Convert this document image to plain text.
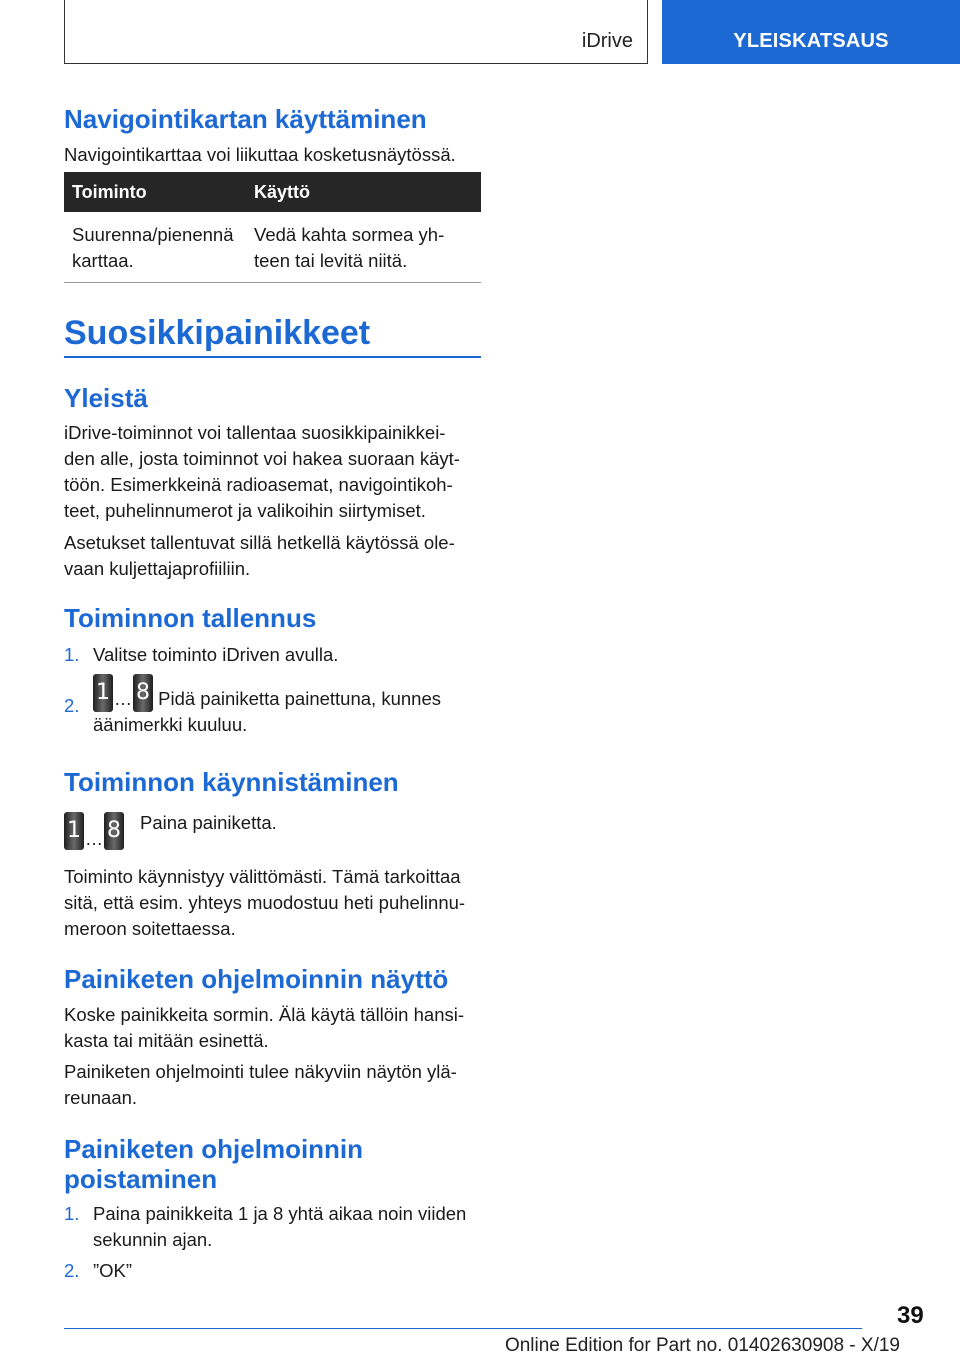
iDrive	YLEISKATSAUS
Navigointikartan käyttäminen

Navigointikarttaa voi liikuttaa kosketusnäytössä.

Toiminto	Käyttö
Suurenna/pienennä
karttaa.	Vedä kahta sormea yh-
teen tai levitä niitä.
Suosikkipainikkeet
Yleistä

iDrive-toiminnot voi tallentaa suosikkipainikkei-
den alle, josta toiminnot voi hakea suoraan käyt-
töön. Esimerkkeinä radioasemat, navigointikoh-
teet, puhelinnumerot ja valikoihin siirtymiset.

Asetukset tallentuvat sillä hetkellä käytössä ole-
vaan kuljettajaprofiiliin.

Toiminnon tallennus
1. Valitse toiminto iDriven avulla.
2.
1 … 8 Pidä painiketta painettuna, kunnes
äänimerkki kuuluu.
Toiminnon käynnistäminen
1 … 8 Paina painiketta.

Toiminto käynnistyy välittömästi. Tämä tarkoittaa
sitä, että esim. yhteys muodostuu heti puhelinnu-
meroon soitettaessa.

Painiketen ohjelmoinnin näyttö

Koske painikkeita sormin. Älä käytä tällöin hansi-
kasta tai mitään esinettä.

Painiketen ohjelmointi tulee näkyviin näytön ylä-
reunaan.

Painiketen ohjelmoinnin
poistaminen
1. Paina painikkeita 1 ja 8 yhtä aikaa noin viiden
sekunnin ajan.
2. ”OK”
39
Online Edition for Part no. 01402630908 - X/19
